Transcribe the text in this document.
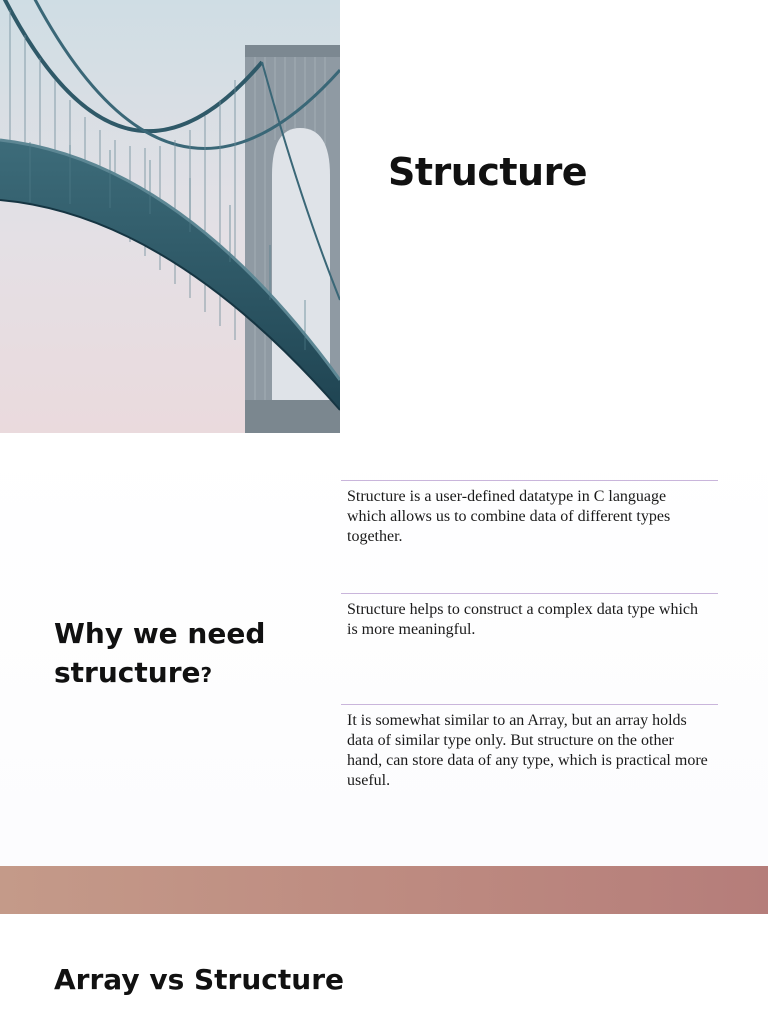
Structure
Why we need structure?
Structure is a user-defined datatype in C language which allows us to combine data of different types together.
Structure helps to construct a complex data type which is more meaningful.
It is somewhat similar to an Array, but an array holds data of similar type only. But structure on the other hand, can store data of any type, which is practical more useful.
Array vs Structure
